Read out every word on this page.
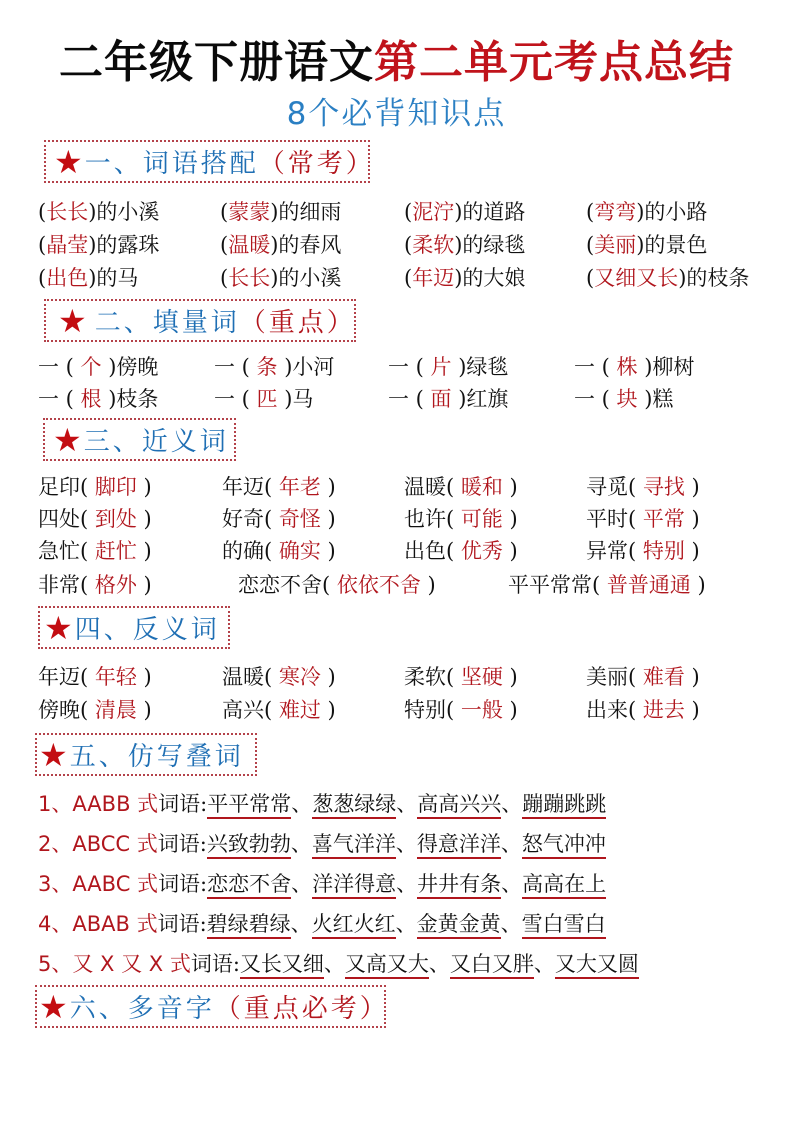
二年级下册语文第二单元考点总结
8个必背知识点
★ 一、词语搭配 （常考）
(长长)的小溪	(蒙蒙)的细雨	(泥泞)的道路	(弯弯)的小路
(晶莹)的露珠	(温暖)的春风	(柔软)的绿毯	(美丽)的景色
(出色)的马	(长长)的小溪	(年迈)的大娘	(又细又长)的枝条
★ 二、填量词 （重点）
一 ( 个 )傍晚	一 ( 条 )小河	一 ( 片 )绿毯	一 ( 株 )柳树
一 ( 根 )枝条	一 ( 匹 )马	一 ( 面 )红旗	一 ( 块 )糕
★ 三、近义词
足印( 脚印 )	年迈( 年老 )	温暖( 暖和 )	寻觅( 寻找 )
四处( 到处 )	好奇( 奇怪 )	也许( 可能 )	平时( 平常 )
急忙( 赶忙 )	的确( 确实 )	出色( 优秀 )	异常( 特别 )
非常( 格外 )	恋恋不舍( 依依不舍 )	平平常常( 普普通通 )
★ 四、反义词
年迈( 年轻 )	温暖( 寒冷 )	柔软( 坚硬 )	美丽( 难看 )
傍晚( 清晨 )	高兴( 难过 )	特别( 一般 )	出来( 进去 )
★ 五、仿写叠词
1、AABB 式词语:平平常常、葱葱绿绿、高高兴兴、蹦蹦跳跳
2、ABCC 式词语:兴致勃勃、喜气洋洋、得意洋洋、怒气冲冲
3、AABC 式词语:恋恋不舍、洋洋得意、井井有条、高高在上
4、ABAB 式词语:碧绿碧绿、火红火红、金黄金黄、雪白雪白
5、又 X 又 X 式词语:又长又细、又高又大、又白又胖、又大又圆
★ 六、多音字 （重点必考）
